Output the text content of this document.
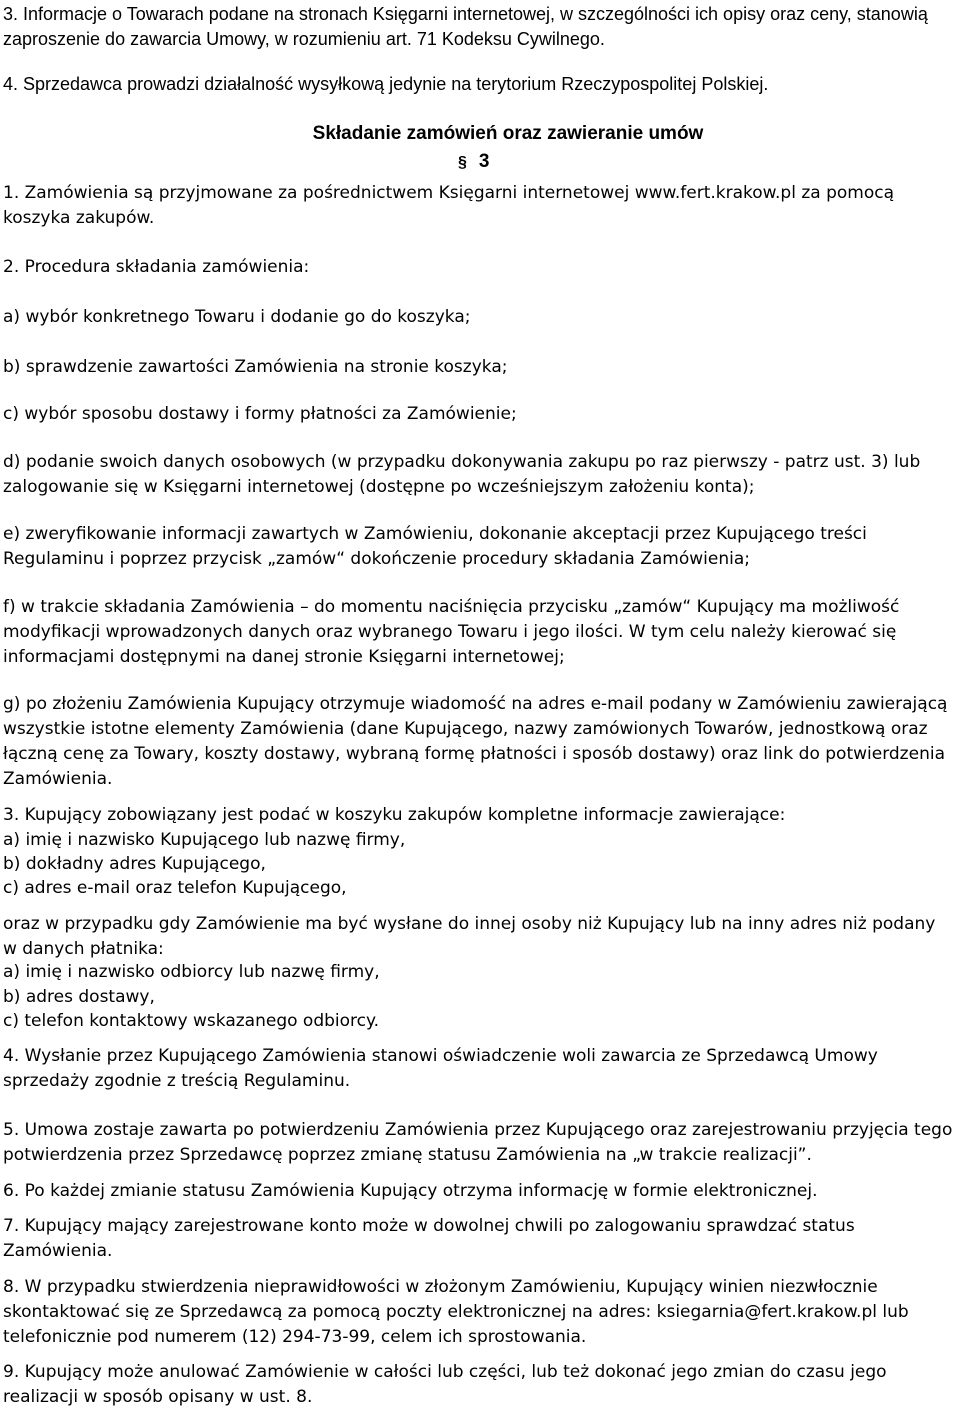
3. Informacje o Towarach podane na stronach Księgarni internetowej, w szczególności ich opisy oraz ceny, stanowią zaproszenie do zawarcia Umowy, w rozumieniu art. 71 Kodeksu Cywilnego.

4. Sprzedawca prowadzi działalność wysyłkową jedynie na terytorium Rzeczypospolitej Polskiej.

Składanie zamówień oraz zawieranie umów
§ 3

1. Zamówienia są przyjmowane za pośrednictwem Księgarni internetowej www.fert.krakow.pl za pomocą koszyka zakupów.

2. Procedura składania zamówienia:

a) wybór konkretnego Towaru i dodanie go do koszyka;

b) sprawdzenie zawartości Zamówienia na stronie koszyka;

c) wybór sposobu dostawy i formy płatności za Zamówienie;

d) podanie swoich danych osobowych (w przypadku dokonywania zakupu po raz pierwszy - patrz ust. 3) lub zalogowanie się w Księgarni internetowej (dostępne po wcześniejszym założeniu konta);

e) zweryfikowanie informacji zawartych w Zamówieniu, dokonanie akceptacji przez Kupującego treści Regulaminu i poprzez przycisk „zamów“ dokończenie procedury składania Zamówienia;

f) w trakcie składania Zamówienia – do momentu naciśnięcia przycisku „zamów“ Kupujący ma możliwość modyfikacji wprowadzonych danych oraz wybranego Towaru i jego ilości. W tym celu należy kierować się informacjami dostępnymi na danej stronie Księgarni internetowej;

g) po złożeniu Zamówienia Kupujący otrzymuje wiadomość na adres e-mail podany w Zamówieniu zawierającą wszystkie istotne elementy Zamówienia (dane Kupującego, nazwy zamówionych Towarów, jednostkową oraz łączną cenę za Towary, koszty dostawy, wybraną formę płatności i sposób dostawy) oraz link do potwierdzenia Zamówienia.

3. Kupujący zobowiązany jest podać w koszyku zakupów kompletne informacje zawierające:

a) imię i nazwisko Kupującego lub nazwę firmy,

b) dokładny adres Kupującego,

c) adres e-mail oraz telefon Kupującego,

oraz w przypadku gdy Zamówienie ma być wysłane do innej osoby niż Kupujący lub na inny adres niż podany w danych płatnika:

a) imię i nazwisko odbiorcy lub nazwę firmy,

b) adres dostawy,

c) telefon kontaktowy wskazanego odbiorcy.

4. Wysłanie przez Kupującego Zamówienia stanowi oświadczenie woli zawarcia ze Sprzedawcą Umowy sprzedaży zgodnie z treścią Regulaminu.

5. Umowa zostaje zawarta po potwierdzeniu Zamówienia przez Kupującego oraz zarejestrowaniu przyjęcia tego potwierdzenia przez Sprzedawcę poprzez zmianę statusu Zamówienia na „w trakcie realizacji”.

6. Po każdej zmianie statusu Zamówienia Kupujący otrzyma informację w formie elektronicznej.

7. Kupujący mający zarejestrowane konto może w dowolnej chwili po zalogowaniu sprawdzać status Zamówienia.

8. W przypadku stwierdzenia nieprawidłowości w złożonym Zamówieniu, Kupujący winien niezwłocznie skontaktować się ze Sprzedawcą za pomocą poczty elektronicznej na adres: ksiegarnia@fert.krakow.pl lub telefonicznie pod numerem (12) 294-73-99, celem ich sprostowania.

9. Kupujący może anulować Zamówienie w całości lub części, lub też dokonać jego zmian do czasu jego realizacji w sposób opisany w ust. 8.
